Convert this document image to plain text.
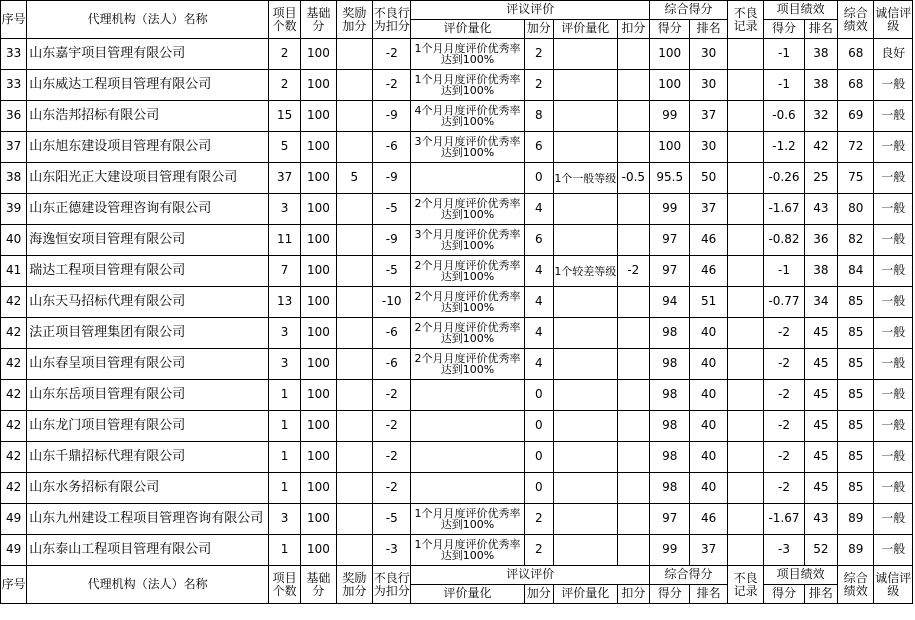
序号	代理机构（法人）名称	项目个数	基础分	奖励加分	不良行为扣分	评议评价				综合得分		不良记录	项目绩效		综合绩效	诚信评级
						评价量化	加分	评价量化	扣分	得分	排名		得分	排名		
33	山东嘉宇项目管理有限公司	2	100		-2	1个月月度评价优秀率达到100%	2			100	30		-1	38	68	良好
33	山东威达工程项目管理有限公司	2	100		-2	1个月月度评价优秀率达到100%	2			100	30		-1	38	68	一般
36	山东浩邦招标有限公司	15	100		-9	4个月月度评价优秀率达到100%	8			99	37		-0.6	32	69	一般
37	山东旭东建设项目管理有限公司	5	100		-6	3个月月度评价优秀率达到100%	6			100	30		-1.2	42	72	一般
38	山东阳光正大建设项目管理有限公司	37	100	5	-9		0	1个一般等级	-0.5	95.5	50		-0.26	25	75	一般
39	山东正德建设管理咨询有限公司	3	100		-5	2个月月度评价优秀率达到100%	4			99	37		-1.67	43	80	一般
40	海逸恒安项目管理有限公司	11	100		-9	3个月月度评价优秀率达到100%	6			97	46		-0.82	36	82	一般
41	瑞达工程项目管理有限公司	7	100		-5	2个月月度评价优秀率达到100%	4	1个较差等级	-2	97	46		-1	38	84	一般
42	山东天马招标代理有限公司	13	100		-10	2个月月度评价优秀率达到100%	4			94	51		-0.77	34	85	一般
42	法正项目管理集团有限公司	3	100		-6	2个月月度评价优秀率达到100%	4			98	40		-2	45	85	一般
42	山东春呈项目管理有限公司	3	100		-6	2个月月度评价优秀率达到100%	4			98	40		-2	45	85	一般
42	山东东岳项目管理有限公司	1	100		-2		0			98	40		-2	45	85	一般
42	山东龙门项目管理有限公司	1	100		-2		0			98	40		-2	45	85	一般
42	山东千鼎招标代理有限公司	1	100		-2		0			98	40		-2	45	85	一般
42	山东水务招标有限公司	1	100		-2		0			98	40		-2	45	85	一般
49	山东九州建设工程项目管理咨询有限公司	3	100		-5	1个月月度评价优秀率达到100%	2			97	46		-1.67	43	89	一般
49	山东泰山工程项目管理有限公司	1	100		-3	1个月月度评价优秀率达到100%	2			99	37		-3	52	89	一般
序号	代理机构（法人）名称	项目个数	基础分	奖励加分	不良行为扣分	评议评价				综合得分		不良记录	项目绩效		综合绩效	诚信评级
						评价量化	加分	评价量化	扣分	得分	排名		得分	排名		
